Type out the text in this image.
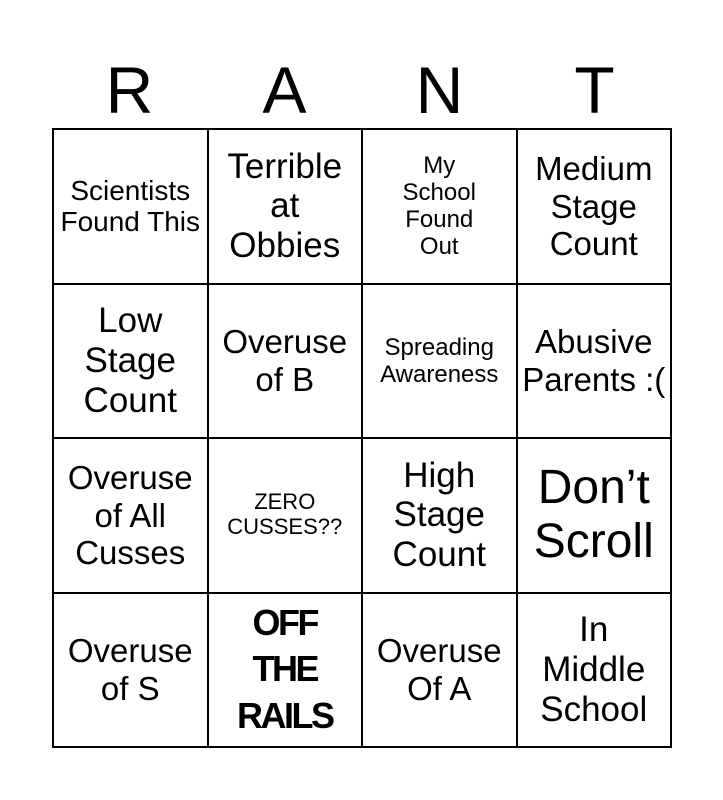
R	A	N	T
Scientists Found This
Terrible at Obbies
My School Found Out
Medium Stage Count
Low Stage Count
Overuse of B
Spreading Awareness
Abusive Parents :(
Overuse of All Cusses
ZERO CUSSES??
High Stage Count
Don’t Scroll
Overuse of S
OFF THE RAILS
Overuse Of A
In Middle School
